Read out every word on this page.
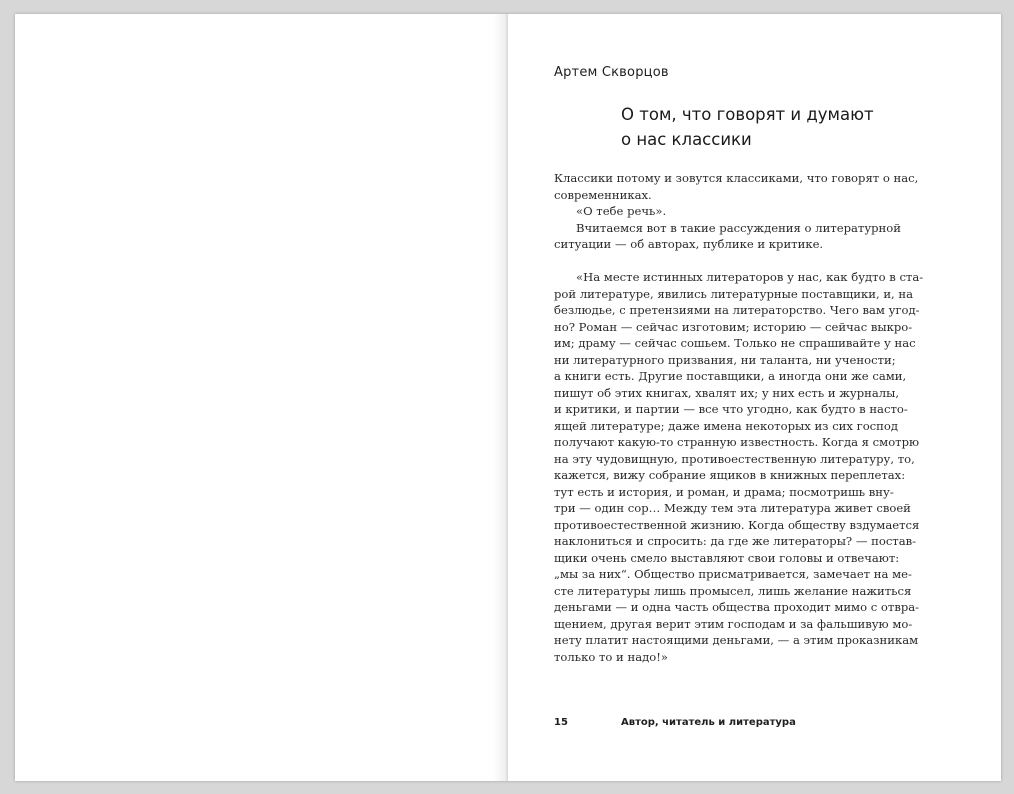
Артем Скворцов
О том, что говорят и думают
о нас классики
Классики потому и зовутся классиками, что говорят о нас,
современниках.
«О тебе речь».
Вчитаемся вот в такие рассуждения о литературной
ситуации — об авторах, публике и критике.
«На месте истинных литераторов у нас, как будто в ста-
рой литературе, явились литературные поставщики, и, на
безлюдье, с претензиями на литераторство. Чего вам угод-
но? Роман — сейчас изготовим; историю — сейчас выкро-
им; драму — сейчас сошьем. Только не спрашивайте у нас
ни литературного призвания, ни таланта, ни учености;
а книги есть. Другие поставщики, а иногда они же сами,
пишут об этих книгах, хвалят их; у них есть и журналы,
и критики, и партии — все что угодно, как будто в насто-
ящей литературе; даже имена некоторых из сих господ
получают какую-то странную известность. Когда я смотрю
на эту чудовищную, противоестественную литературу, то,
кажется, вижу собрание ящиков в книжных переплетах:
тут есть и история, и роман, и драма; посмотришь вну-
три — один сор… Между тем эта литература живет своей
противоестественной жизнию. Когда обществу вздумается
наклониться и спросить: да где же литераторы? — постав-
щики очень смело выставляют свои головы и отвечают:
„мы за них“. Общество присматривается, замечает на ме-
сте литературы лишь промысел, лишь желание нажиться
деньгами — и одна часть общества проходит мимо с отвра-
щением, другая верит этим господам и за фальшивую мо-
нету платит настоящими деньгами, — а этим проказникам
только то и надо!»
15	Автор, читатель и литература
